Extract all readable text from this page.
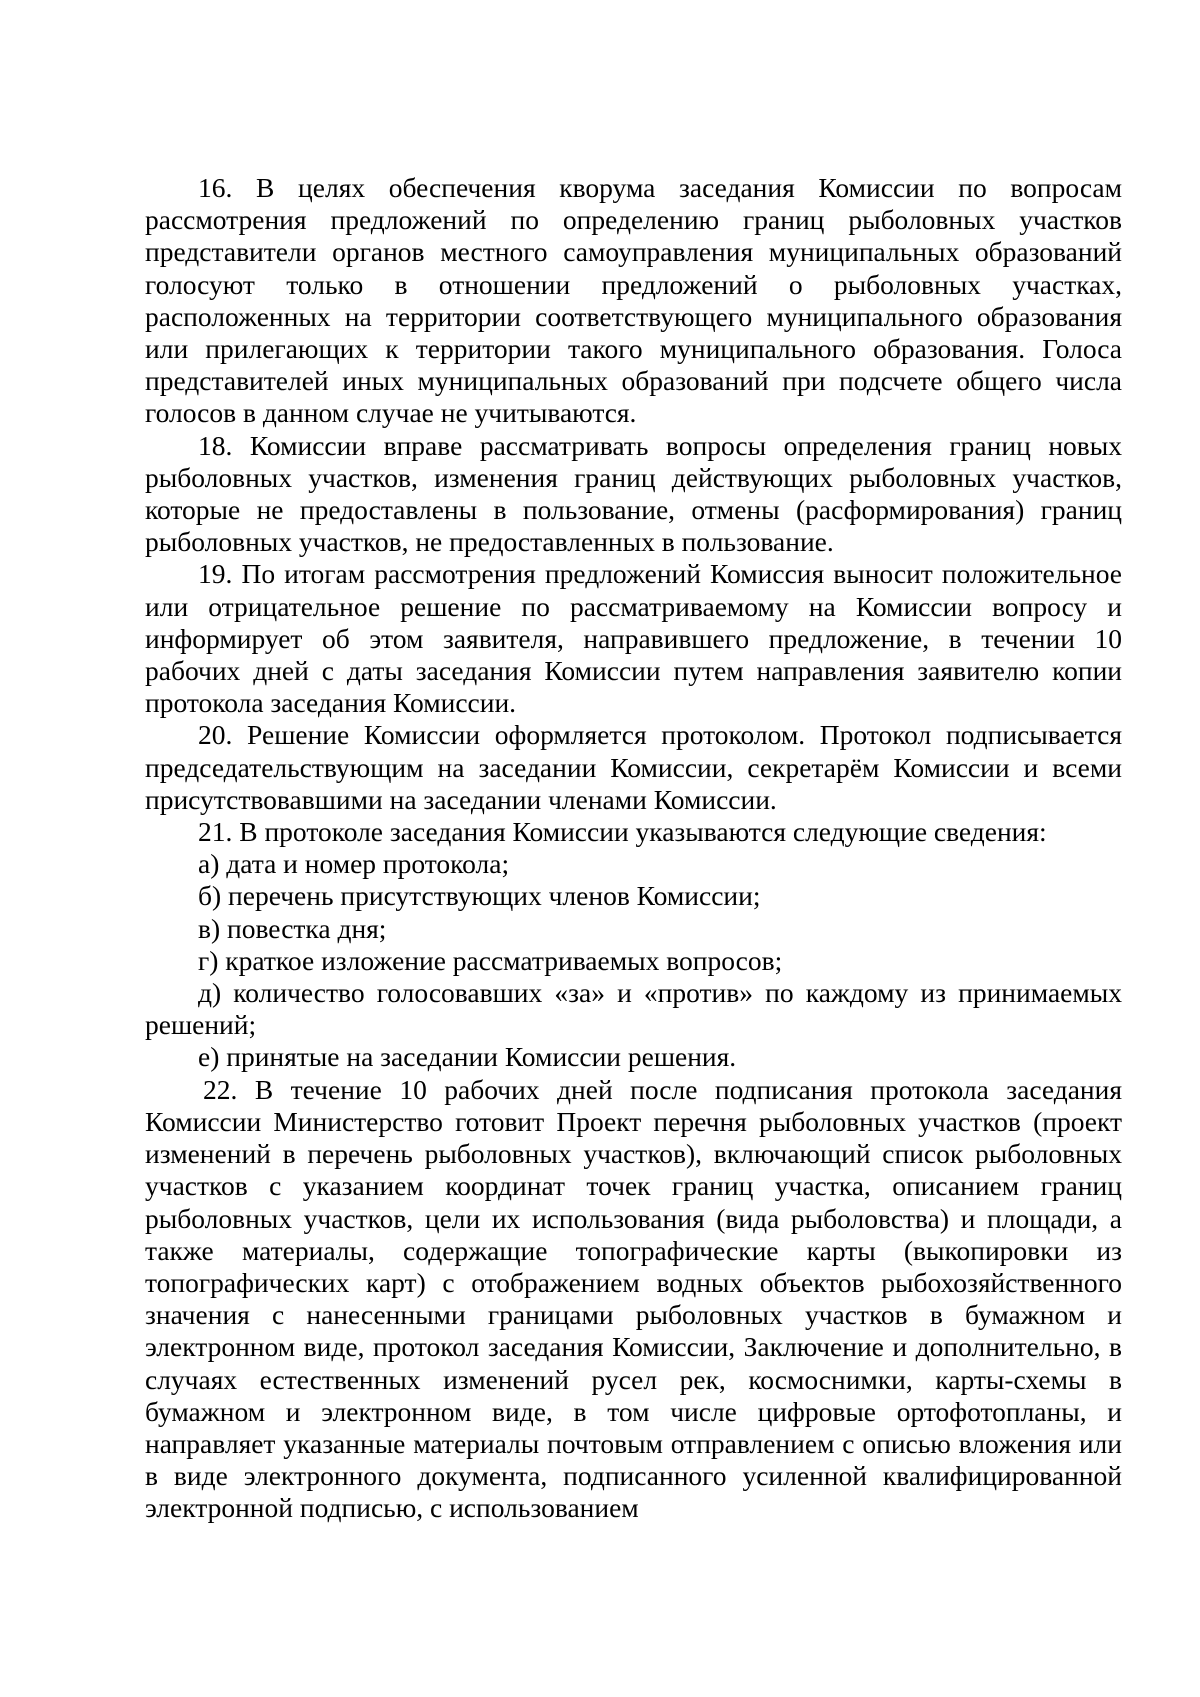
16. В целях обеспечения кворума заседания Комиссии по вопросам рассмотрения предложений по определению границ рыболовных участков представители органов местного самоуправления муниципальных образований голосуют только в отношении предложений о рыболовных участках, расположенных на территории соответствующего муниципального образования или прилегающих к территории такого муниципального образования. Голоса представителей иных муниципальных образований при подсчете общего числа голосов в данном случае не учитываются.

18. Комиссии вправе рассматривать вопросы определения границ новых рыболовных участков, изменения границ действующих рыболовных участков, которые не предоставлены в пользование, отмены (расформирования) границ рыболовных участков, не предоставленных в пользование.

19. По итогам рассмотрения предложений Комиссия выносит положительное или отрицательное решение по рассматриваемому на Комиссии вопросу и информирует об этом заявителя, направившего предложение, в течении 10 рабочих дней с даты заседания Комиссии путем направления заявителю копии протокола заседания Комиссии.

20. Решение Комиссии оформляется протоколом. Протокол подписывается председательствующим на заседании Комиссии, секретарём Комиссии и всеми присутствовавшими на заседании членами Комиссии.

21. В протоколе заседания Комиссии указываются следующие сведения:

а) дата и номер протокола;

б) перечень присутствующих членов Комиссии;

в) повестка дня;

г) краткое изложение рассматриваемых вопросов;

д) количество голосовавших «за» и «против» по каждому из принимаемых решений;

е) принятые на заседании Комиссии решения.

22. В течение 10 рабочих дней после подписания протокола заседания Комиссии Министерство готовит Проект перечня рыболовных участков (проект изменений в перечень рыболовных участков), включающий список рыболовных участков с указанием координат точек границ участка, описанием границ рыболовных участков, цели их использования (вида рыболовства) и площади, а также материалы, содержащие топографические карты (выкопировки из топографических карт) с отображением водных объектов рыбохозяйственного значения с нанесенными границами рыболовных участков в бумажном и электронном виде, протокол заседания Комиссии, Заключение и дополнительно, в случаях естественных изменений русел рек, космоснимки, карты-схемы в бумажном и электронном виде, в том числе цифровые ортофотопланы, и направляет указанные материалы почтовым отправлением с описью вложения или в виде электронного документа, подписанного усиленной квалифицированной электронной подписью, с использованием
